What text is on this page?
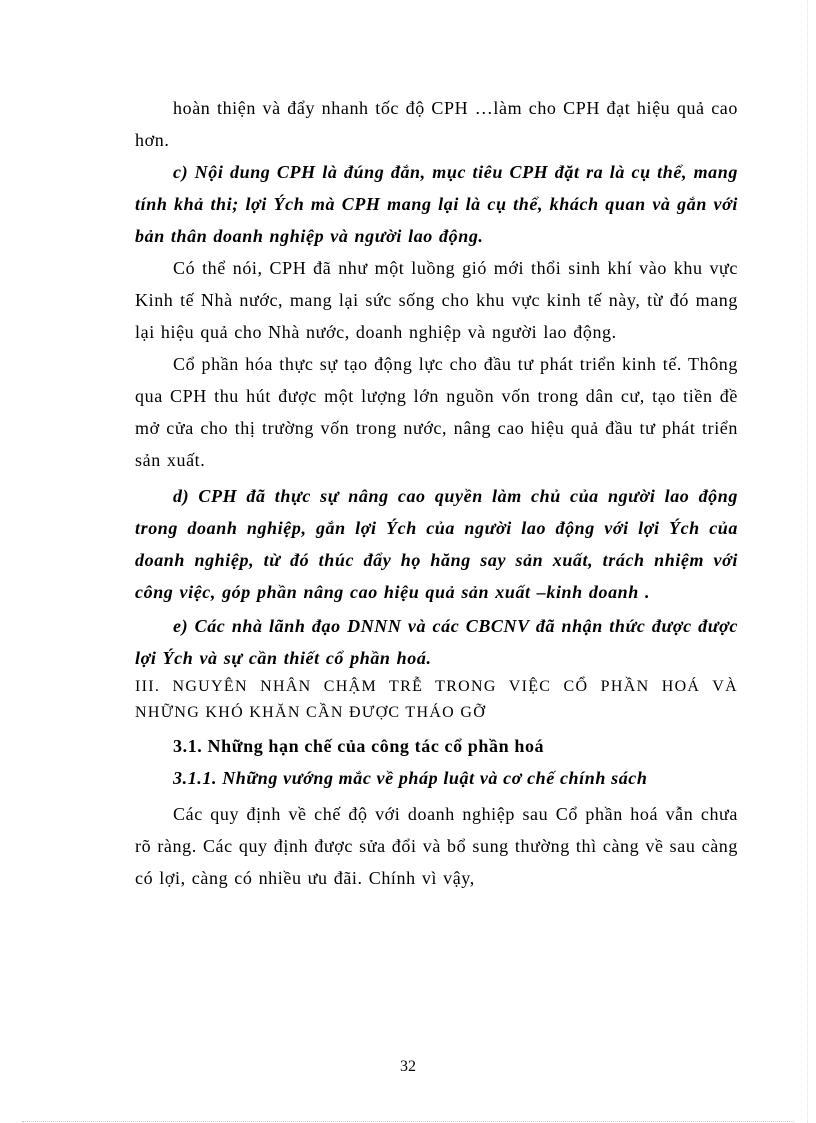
hoàn thiện và đẩy nhanh tốc độ CPH …làm cho CPH đạt hiệu quả cao hơn.

c) Nội dung CPH là đúng đắn, mục tiêu CPH đặt ra là cụ thể, mang tính khả thi; lợi Ých mà CPH mang lại là cụ thể, khách quan và gắn với bản thân doanh nghiệp và người lao động.

Có thể nói, CPH đã như một luồng gió mới thổi sinh khí vào khu vực Kinh tế Nhà nước, mang lại sức sống cho khu vực kinh tế này, từ đó mang lại hiệu quả cho Nhà nước, doanh nghiệp và người lao động.

Cổ phần hóa thực sự tạo động lực cho đầu tư phát triển kinh tế. Thông qua CPH thu hút được một lượng lớn nguồn vốn trong dân cư, tạo tiền đề mở cửa cho thị trường vốn trong nước, nâng cao hiệu quả đầu tư phát triển sản xuất.

d) CPH đã thực sự nâng cao quyền làm chủ của người lao động trong doanh nghiệp, gắn lợi Ých của người lao động với lợi Ých của doanh nghiệp, từ đó thúc đẩy họ hăng say sản xuất, trách nhiệm với công việc, góp phần nâng cao hiệu quả sản xuất –kinh doanh .

e) Các nhà lãnh đạo DNNN và các CBCNV đã nhận thức được được lợi Ých và sự cần thiết cổ phần hoá.

III. NGUYÊN NHÂN CHẬM TRỄ TRONG VIỆC CỔ PHẦN HOÁ VÀ NHỮNG KHÓ KHĂN CẦN ĐƯỢC THÁO GỠ

3.1. Những hạn chế của công tác cổ phần hoá

3.1.1. Những vướng mắc về pháp luật và cơ chế chính sách

Các quy định về chế độ với doanh nghiệp sau Cổ phần hoá vẫn chưa rõ ràng. Các quy định được sửa đổi và bổ sung thường thì càng về sau càng có lợi, càng có nhiều ưu đãi. Chính vì vậy,

32
